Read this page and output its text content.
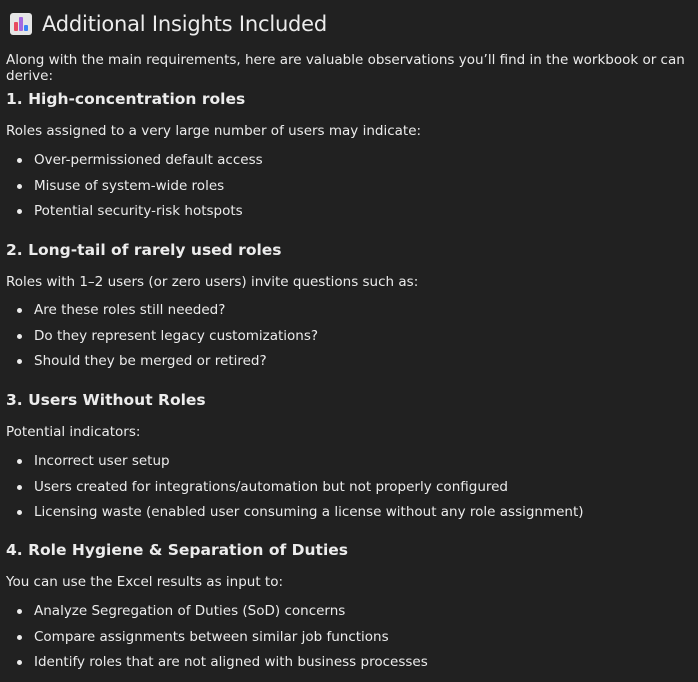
Additional Insights Included
Along with the main requirements, here are valuable observations you’ll find in the workbook or can derive:
1. High-concentration roles
Roles assigned to a very large number of users may indicate:
Over-permissioned default access
Misuse of system-wide roles
Potential security-risk hotspots
2. Long-tail of rarely used roles
Roles with 1–2 users (or zero users) invite questions such as:
Are these roles still needed?
Do they represent legacy customizations?
Should they be merged or retired?
3. Users Without Roles
Potential indicators:
Incorrect user setup
Users created for integrations/automation but not properly configured
Licensing waste (enabled user consuming a license without any role assignment)
4. Role Hygiene & Separation of Duties
You can use the Excel results as input to:
Analyze Segregation of Duties (SoD) concerns
Compare assignments between similar job functions
Identify roles that are not aligned with business processes
